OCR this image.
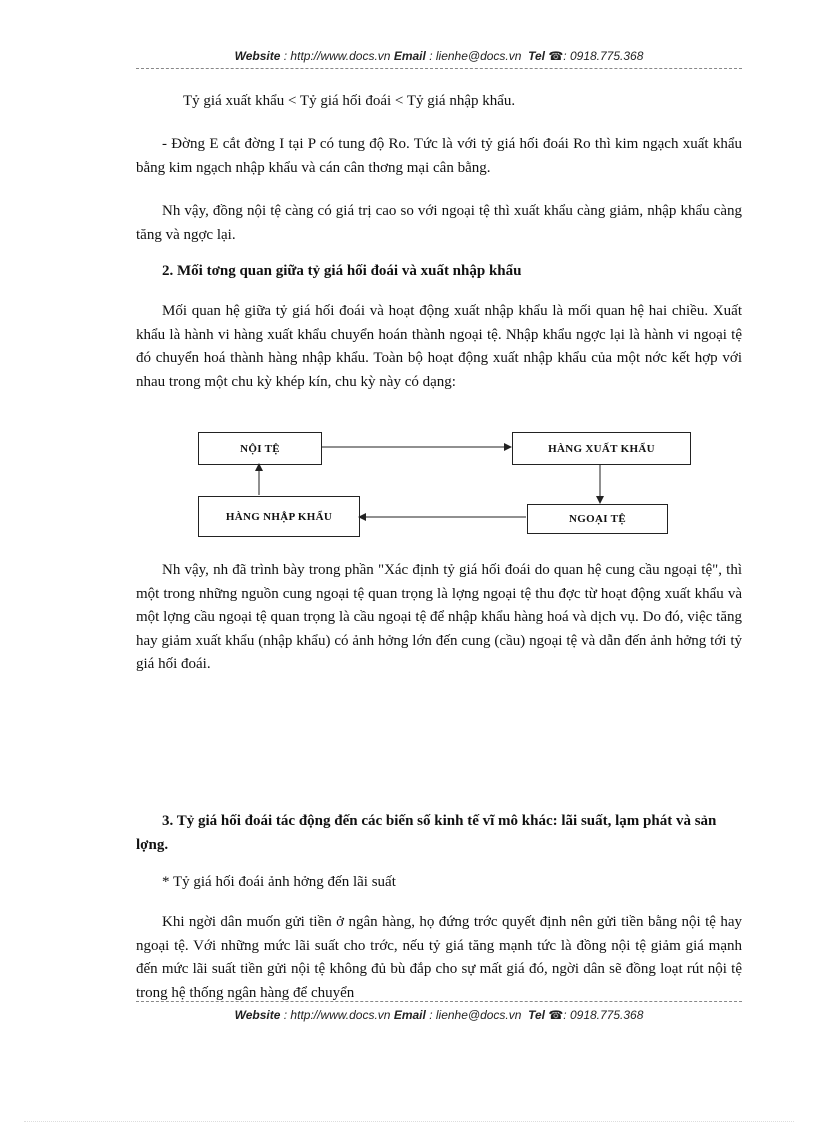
Website : http://www.docs.vn Email : lienhe@docs.vn Tel ☎: 0918.775.368
Tỷ giá xuất khẩu < Tỷ giá hối đoái < Tỷ giá nhập khẩu.
- Đờng E cắt đờng I tại P có tung độ Ro. Tức là với tỷ giá hối đoái Ro thì kim ngạch xuất khẩu bằng kim ngạch nhập khẩu và cán cân thơng mại cân bằng.
Nh vậy, đồng nội tệ càng có giá trị cao so với ngoại tệ thì xuất khẩu càng giảm, nhập khẩu càng tăng và ngợc lại.
2. Mối tơng quan giữa tỷ giá hối đoái và xuất nhập khẩu
Mối quan hệ giữa tỷ giá hối đoái và hoạt động xuất nhập khẩu là mối quan hệ hai chiều. Xuất khẩu là hành vi hàng xuất khẩu chuyển hoán thành ngoại tệ. Nhập khẩu ngợc lại là hành vi ngoại tệ đó chuyển hoá thành hàng nhập khẩu. Toàn bộ hoạt động xuất nhập khẩu của một nớc kết hợp với nhau trong một chu kỳ khép kín, chu kỳ này có dạng:
NỘI TỆ	HÀNG XUẤT KHẨU
HÀNG NHẬP KHẨU	NGOẠI TỆ
Nh vậy, nh đã trình bày trong phần "Xác định tỷ giá hối đoái do quan hệ cung cầu ngoại tệ", thì một trong những nguồn cung ngoại tệ quan trọng là lợng ngoại tệ thu đợc từ hoạt động xuất khẩu và một lợng cầu ngoại tệ quan trọng là cầu ngoại tệ để nhập khẩu hàng hoá và dịch vụ. Do đó, việc tăng hay giảm xuất khẩu (nhập khẩu) có ảnh hởng lớn đến cung (cầu) ngoại tệ và dẫn đến ảnh hởng tới tỷ giá hối đoái.
3. Tỷ giá hối đoái tác động đến các biến số kinh tế vĩ mô khác: lãi suất, lạm phát và sản lợng.
* Tỷ giá hối đoái ảnh hởng đến lãi suất
Khi ngời dân muốn gửi tiền ở ngân hàng, họ đứng trớc quyết định nên gửi tiền bằng nội tệ hay ngoại tệ. Với những mức lãi suất cho trớc, nếu tỷ giá tăng mạnh tức là đồng nội tệ giảm giá mạnh đến mức lãi suất tiền gửi nội tệ không đủ bù đắp cho sự mất giá đó, ngời dân sẽ đồng loạt rút nội tệ trong hệ thống ngân hàng để chuyển
Website : http://www.docs.vn Email : lienhe@docs.vn Tel ☎: 0918.775.368
